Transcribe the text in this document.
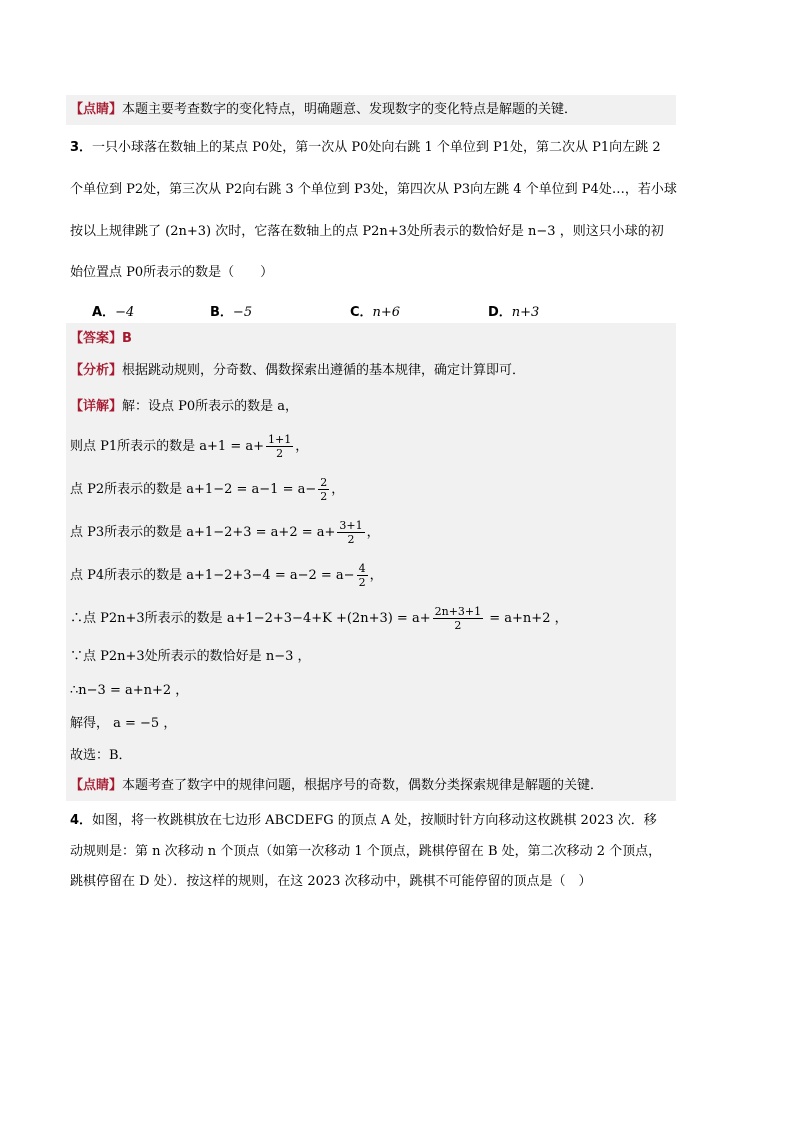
【点睛】本题主要考查数字的变化特点，明确题意、发现数字的变化特点是解题的关键．
3．一只小球落在数轴上的某点 P0处，第一次从 P0处向右跳 1 个单位到 P1处，第二次从 P1向左跳 2
个单位到 P2处，第三次从 P2向右跳 3 个单位到 P3处，第四次从 P3向左跳 4 个单位到 P4处…，若小球
按以上规律跳了 (2n+3) 次时，它落在数轴上的点 P2n+3处所表示的数恰好是 n−3 ，则这只小球的初
始位置点 P0所表示的数是（　　）
A．−4	B．−5	C．n+6	D．n+3
【答案】B
【分析】根据跳动规则，分奇数、偶数探索出遵循的基本规律，确定计算即可．
【详解】解：设点 P0所表示的数是 a，
则点 P1所表示的数是 $a+1 = a+ \frac{1+1}{2}$ ，
点 P2所表示的数是 $a+1-2 = a-1 = a- \frac{2}{2}$ ，
点 P3所表示的数是 $a+1-2+3 = a+2 = a+ \frac{3+1}{2}$ ，
点 P4所表示的数是 $a+1-2+3-4 = a-2 = a- \frac{4}{2}$ ，
∴点 P2n+3所表示的数是 $a+1-2+3-4+K +(2n+3) = a+ \frac{2n+3+1}{2} = a+n+2$ ，
∵点 P2n+3处所表示的数恰好是 n−3 ，
∴n−3 = a+n+2 ，
解得， a = −5 ，
故选：B．
【点睛】本题考查了数字中的规律问题，根据序号的奇数，偶数分类探索规律是解题的关键．
4．如图，将一枚跳棋放在七边形 ABCDEFG 的顶点 A 处，按顺时针方向移动这枚跳棋 2023 次．移
动规则是：第 n 次移动 n 个顶点（如第一次移动 1 个顶点，跳棋停留在 B 处，第二次移动 2 个顶点，
跳棋停留在 D 处）．按这样的规则，在这 2023 次移动中，跳棋不可能停留的顶点是（　）
